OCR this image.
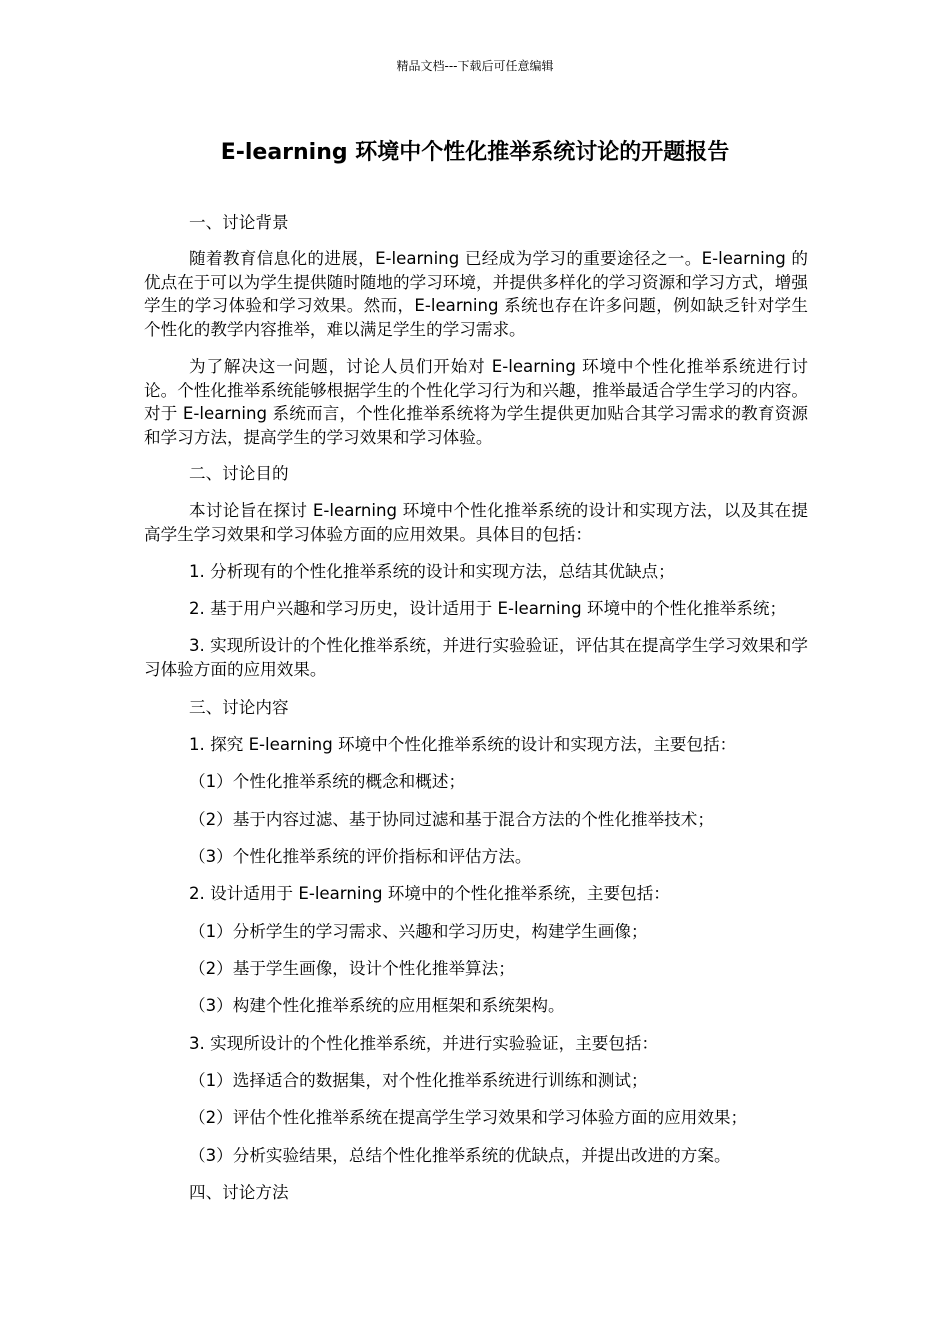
精品文档---下载后可任意编辑
E-learning 环境中个性化推举系统讨论的开题报告

一、讨论背景

随着教育信息化的进展，E-learning 已经成为学习的重要途径之一。E-learning 的优点在于可以为学生提供随时随地的学习环境，并提供多样化的学习资源和学习方式，增强学生的学习体验和学习效果。然而，E-learning 系统也存在许多问题，例如缺乏针对学生个性化的教学内容推举，难以满足学生的学习需求。

为了解决这一问题，讨论人员们开始对 E-learning 环境中个性化推举系统进行讨论。个性化推举系统能够根据学生的个性化学习行为和兴趣，推举最适合学生学习的内容。对于 E-learning 系统而言，个性化推举系统将为学生提供更加贴合其学习需求的教育资源和学习方法，提高学生的学习效果和学习体验。

二、讨论目的

本讨论旨在探讨 E-learning 环境中个性化推举系统的设计和实现方法，以及其在提高学生学习效果和学习体验方面的应用效果。具体目的包括：

1. 分析现有的个性化推举系统的设计和实现方法，总结其优缺点；

2. 基于用户兴趣和学习历史，设计适用于 E-learning 环境中的个性化推举系统；

3. 实现所设计的个性化推举系统，并进行实验验证，评估其在提高学生学习效果和学习体验方面的应用效果。

三、讨论内容

1. 探究 E-learning 环境中个性化推举系统的设计和实现方法，主要包括：

（1）个性化推举系统的概念和概述；

（2）基于内容过滤、基于协同过滤和基于混合方法的个性化推举技术；

（3）个性化推举系统的评价指标和评估方法。

2. 设计适用于 E-learning 环境中的个性化推举系统，主要包括：

（1）分析学生的学习需求、兴趣和学习历史，构建学生画像；

（2）基于学生画像，设计个性化推举算法；

（3）构建个性化推举系统的应用框架和系统架构。

3. 实现所设计的个性化推举系统，并进行实验验证，主要包括：

（1）选择适合的数据集，对个性化推举系统进行训练和测试；

（2）评估个性化推举系统在提高学生学习效果和学习体验方面的应用效果；

（3）分析实验结果，总结个性化推举系统的优缺点，并提出改进的方案。

四、讨论方法
